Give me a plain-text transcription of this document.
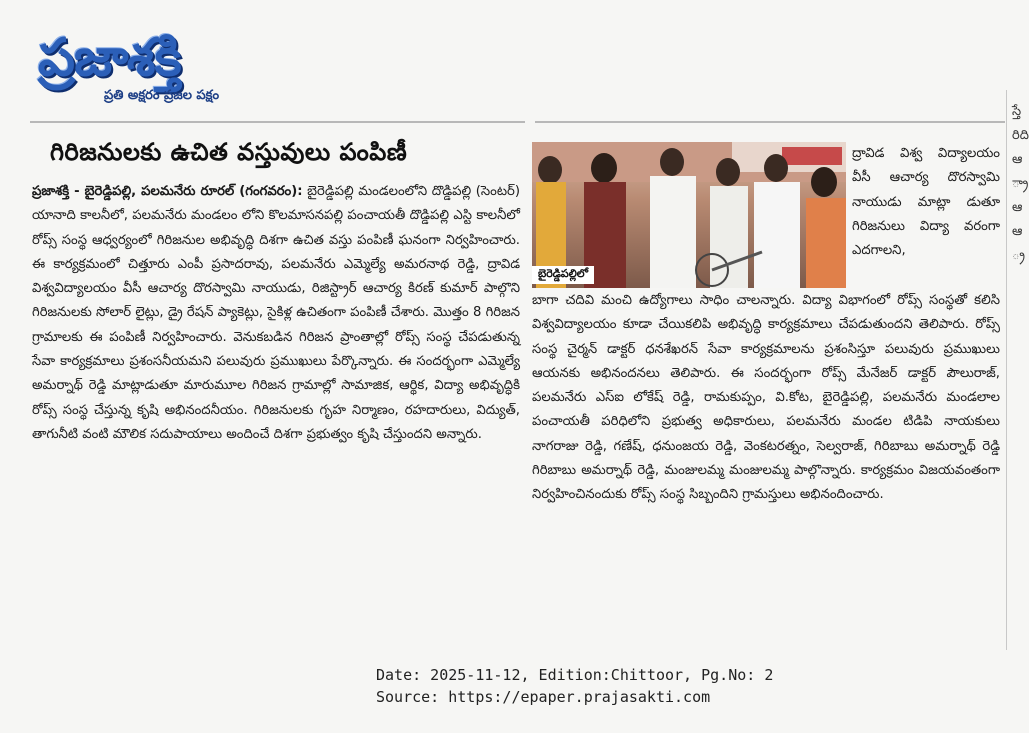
ప్రజాశక్తి
ప్రతి అక్షరం ప్రజల పక్షం
గిరిజనులకు ఉచిత వస్తువులు పంపిణీ
ప్రజాశక్తి - బైరెడ్డిపల్లి, పలమనేరు రూరల్ (గంగవరం): బైరెడ్డిపల్లి మండలంలోని దొడ్డిపల్లి (సెంటర్) యానాది కాలనీలో, పలమనేరు మండలం లోని కొలమాసనపల్లి పంచాయతీ దొడ్డిపల్లి ఎస్టి కాలనీలో రోప్స్ సంస్థ ఆధ్వర్యంలో గిరిజనుల అభివృద్ధి దిశగా ఉచిత వస్తు పంపిణీ ఘనంగా నిర్వహించారు. ఈ కార్యక్రమంలో చిత్తూరు ఎంపీ ప్రసాదరావు, పలమనేరు ఎమ్మెల్యే అమరనాథ రెడ్డి, ద్రావిడ విశ్వవిద్యాలయం వీసీ ఆచార్య దొరస్వామి నాయుడు, రిజిస్ట్రార్ ఆచార్య కిరణ్ కుమార్ పాల్గొని గిరిజనులకు సోలార్ లైట్లు, డ్రై రేషన్ ప్యాకెట్లు, సైకిళ్ల ఉచితంగా పంపిణీ చేశారు. మొత్తం 8 గిరిజన గ్రామాలకు ఈ పంపిణీ నిర్వహించారు. వెనుకబడిన గిరిజన ప్రాంతాల్లో రోప్స్ సంస్థ చేపడుతున్న సేవా కార్యక్రమాలు ప్రశంసనీయమని పలువురు ప్రముఖులు పేర్కొన్నారు. ఈ సందర్భంగా ఎమ్మెల్యే అమర్నాథ్ రెడ్డి మాట్లాడుతూ మారుమూల గిరిజన గ్రామాల్లో సామాజిక, ఆర్థిక, విద్యా అభివృద్ధికి రోప్స్ సంస్థ చేస్తున్న కృషి అభినందనీయం. గిరిజనులకు గృహ నిర్మాణం, రహదారులు, విద్యుత్, తాగునీటి వంటి మౌలిక సదుపాయాలు అందించే దిశగా ప్రభుత్వం కృషి చేస్తుందని అన్నారు.
బైరెడ్డిపల్లిలో
ద్రావిడ విశ్వ విద్యాలయం వీసీ ఆచార్య దొరస్వామి నాయుడు మాట్లా డుతూ గిరిజనులు విద్యా వరంగా ఎదగాలని,
బాగా చదివి మంచి ఉద్యోగాలు సాధిం చాలన్నారు. విద్యా విభాగంలో రోప్స్ సంస్థతో కలిసి విశ్వవిద్యాలయం కూడా చేయికలిపి అభివృద్ధి కార్యక్రమాలు చేపడుతుందని తెలిపారు. రోప్స్ సంస్థ చైర్మన్ డాక్టర్ ధనశేఖరన్ సేవా కార్యక్రమాలను ప్రశంసిస్తూ పలువురు ప్రముఖులు ఆయనకు అభినందనలు తెలిపారు. ఈ సందర్భంగా రోప్స్ మేనేజర్ డాక్టర్ పౌలురాజ్, పలమనేరు ఎస్ఐ లోకేష్ రెడ్డి, రామకుప్పం, వి.కోట, బైరెడ్డిపల్లి, పలమనేరు మండలాల పంచాయతీ పరిధిలోని ప్రభుత్వ అధికారులు, పలమనేరు మండల టిడిపి నాయకులు నాగరాజు రెడ్డి, గణేష్, ధనుంజయ రెడ్డి, వెంకటరత్నం, సెల్వరాజ్, గిరిబాబు అమర్నాథ్ రెడ్డి గిరిబాబు అమర్నాథ్ రెడ్డి, మంజులమ్మ మంజులమ్మ పాల్గొన్నారు. కార్యక్రమం విజయవంతంగా నిర్వహించినందుకు రోప్స్ సంస్థ సిబ్బందిని గ్రామస్తులు అభినందించారు.
స్తే రిది ఆ ్రా ఆ ఆ ్ర
Date: 2025-11-12, Edition:Chittoor, Pg.No: 2
Source: https://epaper.prajasakti.com
